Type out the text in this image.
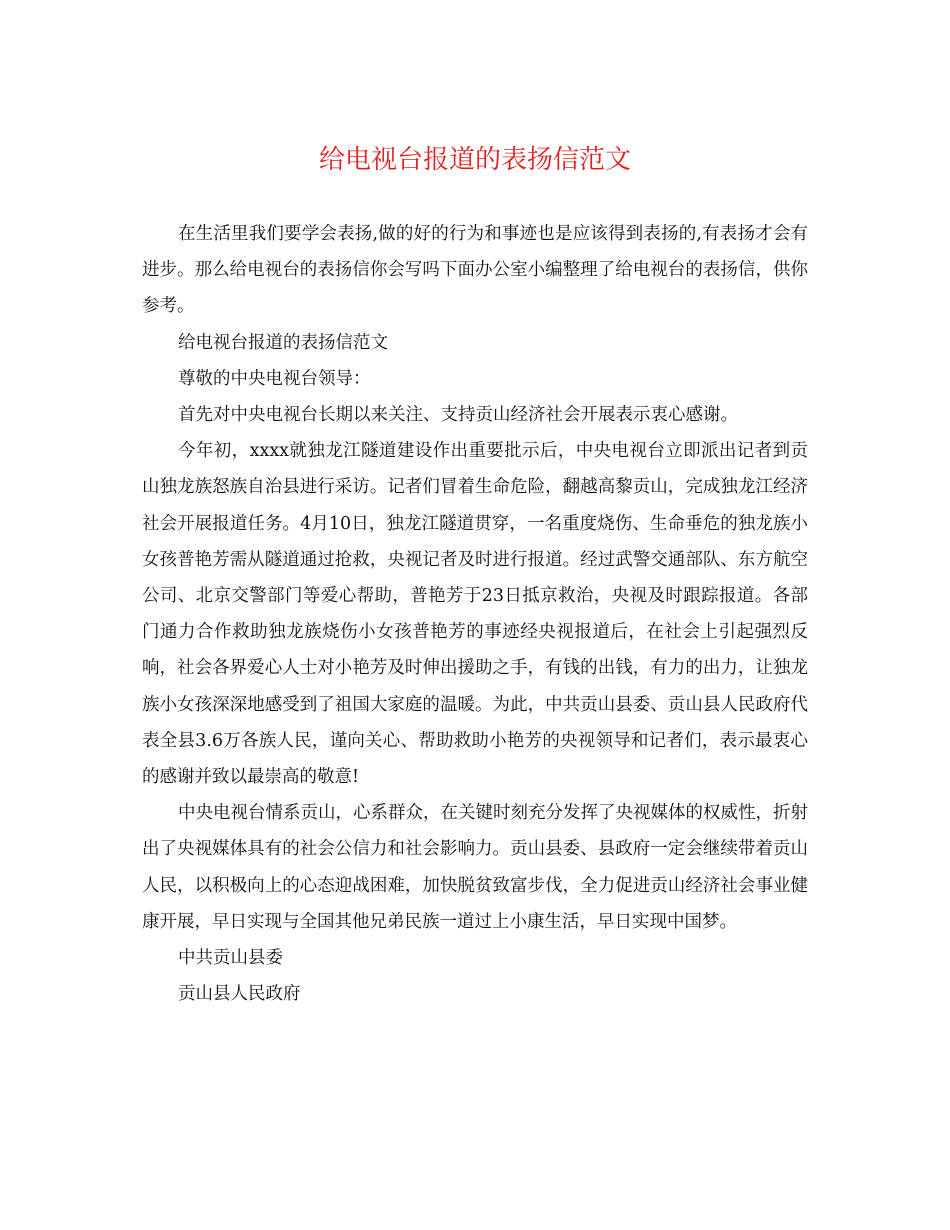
给电视台报道的表扬信范文

在生活里我们要学会表扬,做的好的行为和事迹也是应该得到表扬的,有表扬才会有进步。那么给电视台的表扬信你会写吗下面办公室小编整理了给电视台的表扬信，供你参考。

给电视台报道的表扬信范文

尊敬的中央电视台领导：

首先对中央电视台长期以来关注、支持贡山经济社会开展表示衷心感谢。

今年初，xxxx就独龙江隧道建设作出重要批示后，中央电视台立即派出记者到贡山独龙族怒族自治县进行采访。记者们冒着生命危险，翻越高黎贡山，完成独龙江经济社会开展报道任务。4月10日，独龙江隧道贯穿，一名重度烧伤、生命垂危的独龙族小女孩普艳芳需从隧道通过抢救，央视记者及时进行报道。经过武警交通部队、东方航空公司、北京交警部门等爱心帮助，普艳芳于23日抵京救治，央视及时跟踪报道。各部门通力合作救助独龙族烧伤小女孩普艳芳的事迹经央视报道后，在社会上引起强烈反响，社会各界爱心人士对小艳芳及时伸出援助之手，有钱的出钱，有力的出力，让独龙族小女孩深深地感受到了祖国大家庭的温暖。为此，中共贡山县委、贡山县人民政府代表全县3.6万各族人民，谨向关心、帮助救助小艳芳的央视领导和记者们，表示最衷心的感谢并致以最崇高的敬意!

中央电视台情系贡山，心系群众，在关键时刻充分发挥了央视媒体的权威性，折射出了央视媒体具有的社会公信力和社会影响力。贡山县委、县政府一定会继续带着贡山人民，以积极向上的心态迎战困难，加快脱贫致富步伐，全力促进贡山经济社会事业健康开展，早日实现与全国其他兄弟民族一道过上小康生活，早日实现中国梦。

中共贡山县委

贡山县人民政府
